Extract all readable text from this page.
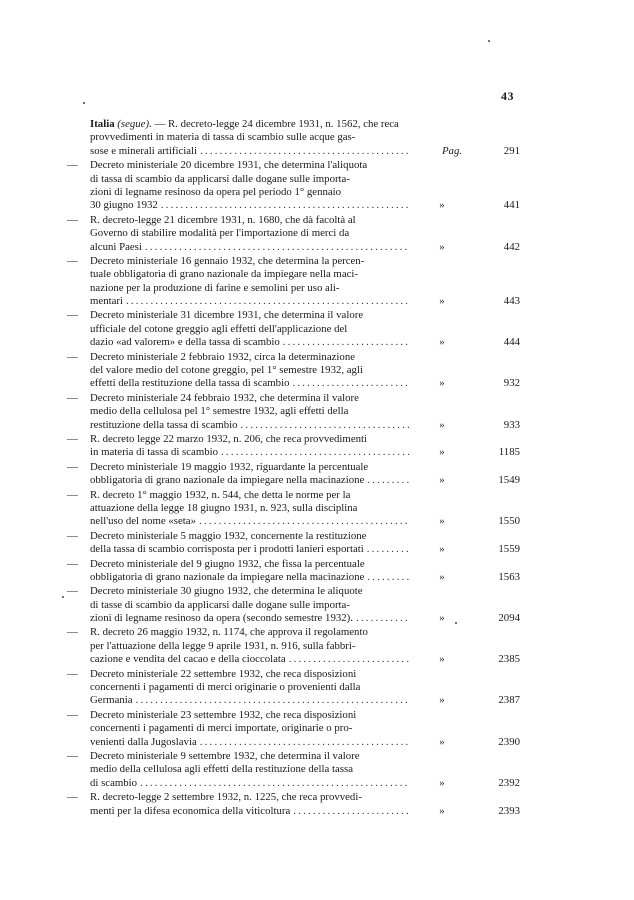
43
Italia (segue). — R. decreto-legge 24 dicembre 1931, n. 1562, che reca
provvedimenti in materia di tassa di scambio sulle acque gas-
sose e minerali artificiali .....	Pag.	291
—	Decreto ministeriale 20 dicembre 1931, che determina l'aliquota
di tassa di scambio da applicarsi dalle dogane sulle importa-
zioni di legname resinoso da opera pel periodo 1° gennaio
30 giugno 1932 .....	»	441
—	R. decreto-legge 21 dicembre 1931, n. 1680, che dà facoltà al
Governo di stabilire modalità per l'importazione di merci da
alcuni Paesi .....	»	442
—	Decreto ministeriale 16 gennaio 1932, che determina la percen-
tuale obbligatoria di grano nazionale da impiegare nella maci-
nazione per la produzione di farine e semolini per uso ali-
mentari .....	»	443
—	Decreto ministeriale 31 dicembre 1931, che determina il valore
ufficiale del cotone greggio agli effetti dell'applicazione del
dazio «ad valorem» e della tassa di scambio .....	»	444
—	Decreto ministeriale 2 febbraio 1932, circa la determinazione
del valore medio del cotone greggio, pel 1° semestre 1932, agli
effetti della restituzione della tassa di scambio .....	»	932
—	Decreto ministeriale 24 febbraio 1932, che determina il valore
medio della cellulosa pel 1° semestre 1932, agli effetti della
restituzione della tassa di scambio .....	»	933
—	R. decreto legge 22 marzo 1932, n. 206, che reca provvedimenti
in materia di tassa di scambio .....	»	1185
—	Decreto ministeriale 19 maggio 1932, riguardante la percentuale
obbligatoria di grano nazionale da impiegare nella macinazione .....	»	1549
—	R. decreto 1° maggio 1932, n. 544, che detta le norme per la
attuazione della legge 18 giugno 1931, n. 923, sulla disciplina
nell'uso del nome «seta» .....	»	1550
—	Decreto ministeriale 5 maggio 1932, concernente la restituzione
della tassa di scambio corrisposta per i prodotti lanieri esportati .....	»	1559
—	Decreto ministeriale del 9 giugno 1932, che fissa la percentuale
obbligatoria di grano nazionale da impiegare nella macinazione .....	»	1563
—	Decreto ministeriale 30 giugno 1932, che determina le aliquote
di tasse di scambio da applicarsi dalle dogane sulle importa-
zioni di legname resinoso da opera (secondo semestre 1932). .....	»	2094
—	R. decreto 26 maggio 1932, n. 1174, che approva il regolamento
per l'attuazione della legge 9 aprile 1931, n. 916, sulla fabbri-
cazione e vendita del cacao e della cioccolata .....	»	2385
—	Decreto ministeriale 22 settembre 1932, che reca disposizioni
concernenti i pagamenti di merci originarie o provenienti dalla
Germania .....	»	2387
—	Decreto ministeriale 23 settembre 1932, che reca disposizioni
concernenti i pagamenti di merci importate, originarie o pro-
venienti dalla Jugoslavia .....	»	2390
—	Decreto ministeriale 9 settembre 1932, che determina il valore
medio della cellulosa agli effetti della restituzione della tassa
di scambio .....	»	2392
—	R. decreto-legge 2 settembre 1932, n. 1225, che reca provvedi-
menti per la difesa economica della viticoltura .....	»	2393
